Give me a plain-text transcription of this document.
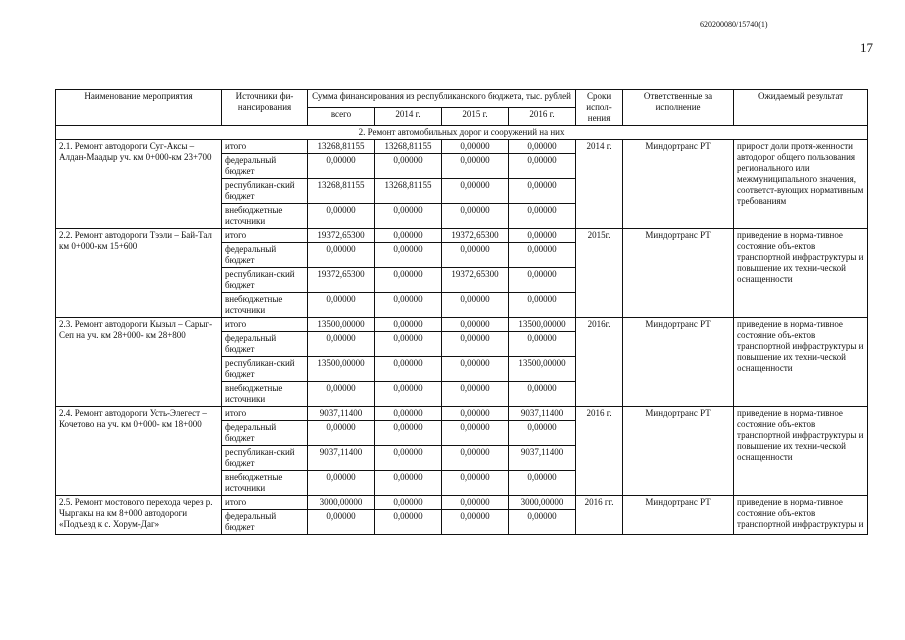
620200080/15740(1)
17
Наименование мероприятия	Источники фи-нансирования	Сумма финансирования из республиканского бюджета, тыс. рублей				Сроки испол-нения	Ответственные за исполнение	Ожидаемый результат
		всего	2014 г.	2015 г.	2016 г.			
2. Ремонт автомобильных дорог и сооружений на них								
2.1. Ремонт автодороги Суг-Аксы – Алдан-Маадыр уч. км 0+000-км 23+700	итого	13268,81155	13268,81155	0,00000	0,00000	2014 г.	Миндортранс РТ	прирост доли протя-женности автодорог общего пользования регионального или межмуниципального значения, соответст-вующих нормативным требованиям
	федеральный бюджет	0,00000	0,00000	0,00000	0,00000			
	республикан-ский бюджет	13268,81155	13268,81155	0,00000	0,00000			
	внебюджетные источники	0,00000	0,00000	0,00000	0,00000			
2.2. Ремонт автодороги Тээли – Бай-Тал км 0+000-км 15+600	итого	19372,65300	0,00000	19372,65300	0,00000	2015г.	Миндортранс РТ	приведение в норма-тивное состояние объ-ектов транспортной инфраструктуры и повышение их техни-ческой оснащенности
	федеральный бюджет	0,00000	0,00000	0,00000	0,00000			
	республикан-ский бюджет	19372,65300	0,00000	19372,65300	0,00000			
	внебюджетные источники	0,00000	0,00000	0,00000	0,00000			
2.3. Ремонт автодороги Кызыл – Сарыг-Сеп на уч. км 28+000- км 28+800	итого	13500,00000	0,00000	0,00000	13500,00000	2016г.	Миндортранс РТ	приведение в норма-тивное состояние объ-ектов транспортной инфраструктуры и повышение их техни-ческой оснащенности
	федеральный бюджет	0,00000	0,00000	0,00000	0,00000			
	республикан-ский бюджет	13500,00000	0,00000	0,00000	13500,00000			
	внебюджетные источники	0,00000	0,00000	0,00000	0,00000			
2.4. Ремонт автодороги Усть-Элегест – Кочетово на уч. км 0+000- км 18+000	итого	9037,11400	0,00000	0,00000	9037,11400	2016 г.	Миндортранс РТ	приведение в норма-тивное состояние объ-ектов транспортной инфраструктуры и повышение их техни-ческой оснащенности
	федеральный бюджет	0,00000	0,00000	0,00000	0,00000			
	республикан-ский бюджет	9037,11400	0,00000	0,00000	9037,11400			
	внебюджетные источники	0,00000	0,00000	0,00000	0,00000			
2.5. Ремонт мостового перехода через р. Чыргакы на км 8+000 автодороги «Подъезд к с. Хорум-Даг»	итого	3000,00000	0,00000	0,00000	3000,00000	2016 гг.	Миндортранс РТ	приведение в норма-тивное состояние объ-ектов транспортной инфраструктуры и
	федеральный бюджет	0,00000	0,00000	0,00000	0,00000			
